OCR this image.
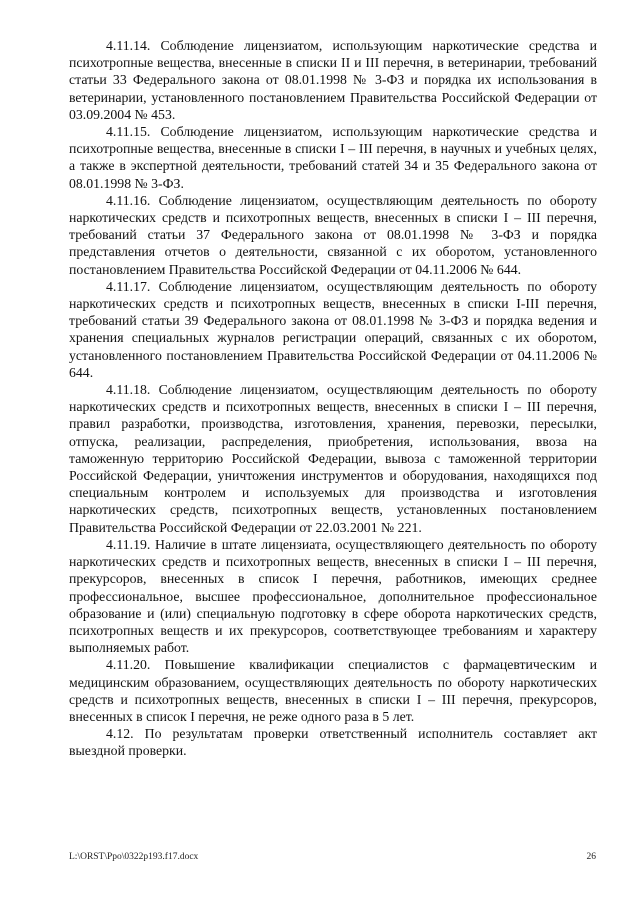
4.11.14. Соблюдение лицензиатом, использующим наркотические средства и психотропные вещества, внесенные в списки II и III перечня, в ветеринарии, требований статьи 33 Федерального закона от 08.01.1998 № 3-ФЗ и порядка их использования в ветеринарии, установленного постановлением Правительства Российской Федерации от 03.09.2004 № 453.

4.11.15. Соблюдение лицензиатом, использующим наркотические средства и психотропные вещества, внесенные в списки I – III перечня, в научных и учебных целях, а также в экспертной деятельности, требований статей 34 и 35 Федерального закона от 08.01.1998 № 3-ФЗ.

4.11.16. Соблюдение лицензиатом, осуществляющим деятельность по обороту наркотических средств и психотропных веществ, внесенных в списки I – III перечня, требований статьи 37 Федерального закона от 08.01.1998 № 3-ФЗ и порядка представления отчетов о деятельности, связанной с их оборотом, установленного постановлением Правительства Российской Федерации от 04.11.2006 № 644.

4.11.17. Соблюдение лицензиатом, осуществляющим деятельность по обороту наркотических средств и психотропных веществ, внесенных в списки I-III перечня, требований статьи 39 Федерального закона от 08.01.1998 № 3-ФЗ и порядка ведения и хранения специальных журналов регистрации операций, связанных с их оборотом, установленного постановлением Правительства Российской Федерации от 04.11.2006 № 644.

4.11.18. Соблюдение лицензиатом, осуществляющим деятельность по обороту наркотических средств и психотропных веществ, внесенных в списки I – III перечня, правил разработки, производства, изготовления, хранения, перевозки, пересылки, отпуска, реализации, распределения, приобретения, использования, ввоза на таможенную территорию Российской Федерации, вывоза с таможенной территории Российской Федерации, уничтожения инструментов и оборудования, находящихся под специальным контролем и используемых для производства и изготовления наркотических средств, психотропных веществ, установленных постановлением Правительства Российской Федерации от 22.03.2001 № 221.

4.11.19. Наличие в штате лицензиата, осуществляющего деятельность по обороту наркотических средств и психотропных веществ, внесенных в списки I – III перечня, прекурсоров, внесенных в список I перечня, работников, имеющих среднее профессиональное, высшее профессиональное, дополнительное профессиональное образование и (или) специальную подготовку в сфере оборота наркотических средств, психотропных веществ и их прекурсоров, соответствующее требованиям и характеру выполняемых работ.

4.11.20. Повышение квалификации специалистов с фармацевтическим и медицинским образованием, осуществляющих деятельность по обороту наркотических средств и психотропных веществ, внесенных в списки I – III перечня, прекурсоров, внесенных в список I перечня, не реже одного раза в 5 лет.

4.12. По результатам проверки ответственный исполнитель составляет акт выездной проверки.

L:\ORST\Ppo\0322p193.f17.docx	26
